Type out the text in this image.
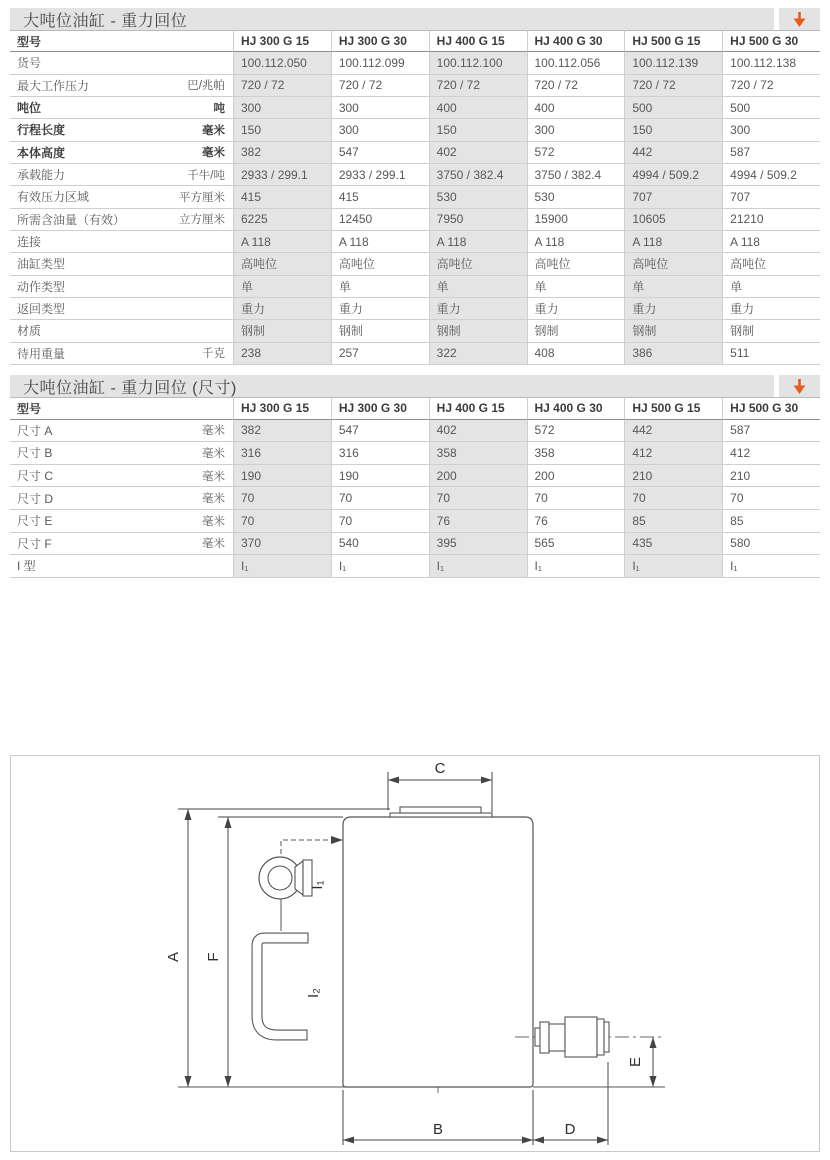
大吨位油缸 - 重力回位
型号	HJ 300 G 15	HJ 300 G 30	HJ 400 G 15	HJ 400 G 30	HJ 500 G 15	HJ 500 G 30
货号	100.112.050	100.112.099	100.112.100	100.112.056	100.112.139	100.112.138
最大工作压力	巴/兆帕	720 / 72	720 / 72	720 / 72	720 / 72	720 / 72	720 / 72
吨位	吨	300	300	400	400	500	500
行程长度	毫米	150	300	150	300	150	300
本体高度	毫米	382	547	402	572	442	587
承载能力	千牛/吨	2933 / 299.1	2933 / 299.1	3750 / 382.4	3750 / 382.4	4994 / 509.2	4994 / 509.2
有效压力区域	平方厘米	415	415	530	530	707	707
所需含油量（有效）	立方厘米	6225	12450	7950	15900	10605	21210
连接	A 118	A 118	A 118	A 118	A 118	A 118
油缸类型	高吨位	高吨位	高吨位	高吨位	高吨位	高吨位
动作类型	单	单	单	单	单	单
返回类型	重力	重力	重力	重力	重力	重力
材质	钢制	钢制	钢制	钢制	钢制	钢制
待用重量	千克	238	257	322	408	386	511
大吨位油缸 - 重力回位 (尺寸)
型号	HJ 300 G 15	HJ 300 G 30	HJ 400 G 15	HJ 400 G 30	HJ 500 G 15	HJ 500 G 30
尺寸 A	毫米	382	547	402	572	442	587
尺寸 B	毫米	316	316	358	358	412	412
尺寸 C	毫米	190	190	200	200	210	210
尺寸 D	毫米	70	70	70	70	70	70
尺寸 E	毫米	70	70	76	76	85	85
尺寸 F	毫米	370	540	395	565	435	580
I 型	I₁	I₁	I₁	I₁	I₁	I₁
C
A F
I₁
I₂
E
B	D
